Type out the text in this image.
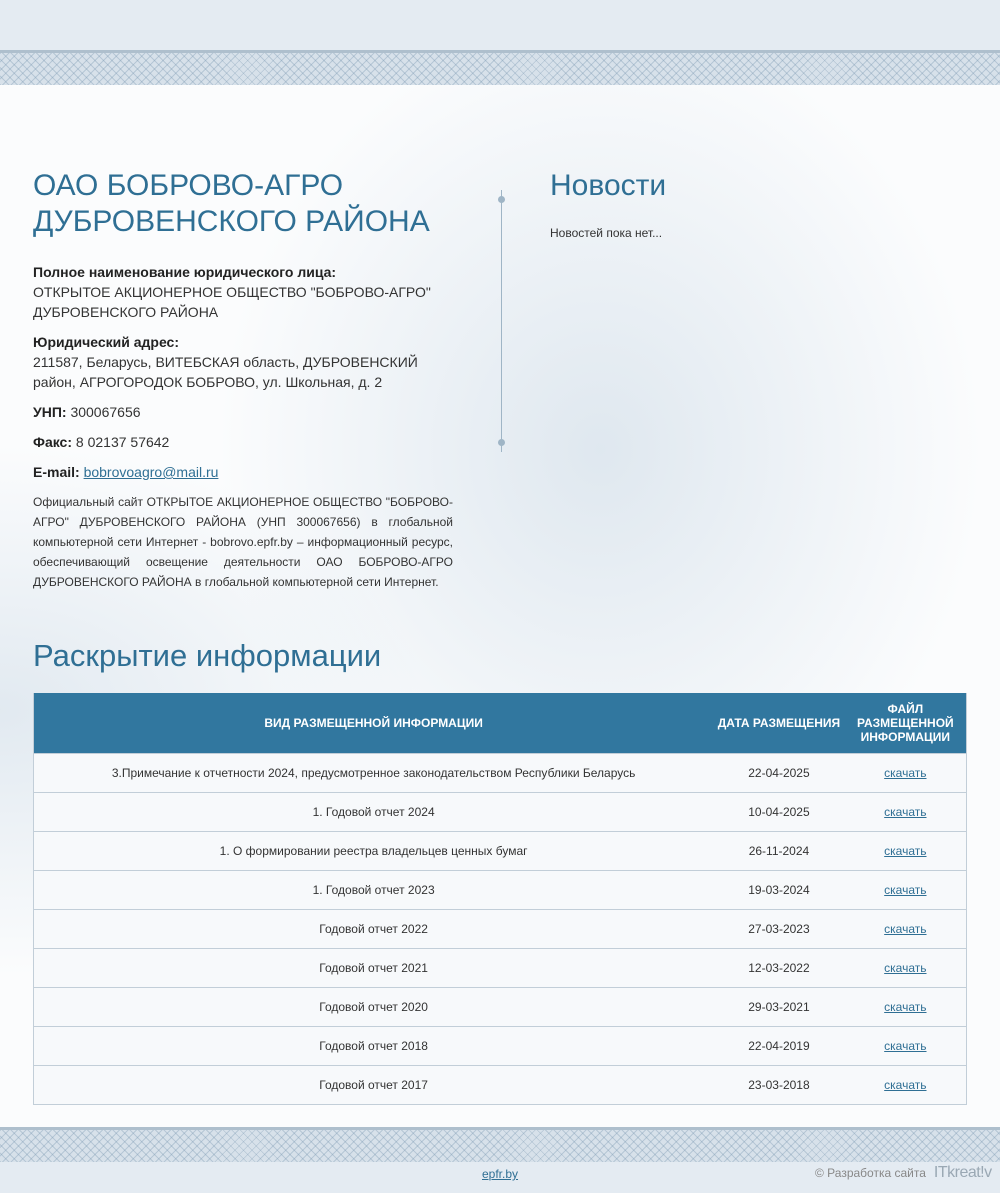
ОАО БОБРОВО-АГРО
ДУБРОВЕНСКОГО РАЙОНА

Полное наименование юридического лица:
ОТКРЫТОЕ АКЦИОНЕРНОЕ ОБЩЕСТВО "БОБРОВО-АГРО" ДУБРОВЕНСКОГО РАЙОНА

Юридический адрес:
211587, Беларусь, ВИТЕБСКАЯ область, ДУБРОВЕНСКИЙ район, АГРОГОРОДОК БОБРОВО, ул. Школьная, д. 2

УНП: 300067656

Факс: 8 02137 57642

E-mail: bobrovoagro@mail.ru

Официальный сайт ОТКРЫТОЕ АКЦИОНЕРНОЕ ОБЩЕСТВО "БОБРОВО-АГРО" ДУБРОВЕНСКОГО РАЙОНА (УНП 300067656) в глобальной компьютерной сети Интернет - bobrovo.epfr.by – информационный ресурс, обеспечивающий освещение деятельности ОАО БОБРОВО-АГРО ДУБРОВЕНСКОГО РАЙОНА в глобальной компьютерной сети Интернет.
Новости
Новостей пока нет...
Раскрытие информации
ВИД РАЗМЕЩЕННОЙ ИНФОРМАЦИИ	ДАТА РАЗМЕЩЕНИЯ	ФАЙЛ РАЗМЕЩЕННОЙ ИНФОРМАЦИИ
3.Примечание к отчетности 2024, предусмотренное законодательством Республики Беларусь	22-04-2025	скачать
1. Годовой отчет 2024	10-04-2025	скачать
1. О формировании реестра владельцев ценных бумаг	26-11-2024	скачать
1. Годовой отчет 2023	19-03-2024	скачать
Годовой отчет 2022	27-03-2023	скачать
Годовой отчет 2021	12-03-2022	скачать
Годовой отчет 2020	29-03-2021	скачать
Годовой отчет 2018	22-04-2019	скачать
Годовой отчет 2017	23-03-2018	скачать
epfr.by	© Разработка сайта ITkreat!v
